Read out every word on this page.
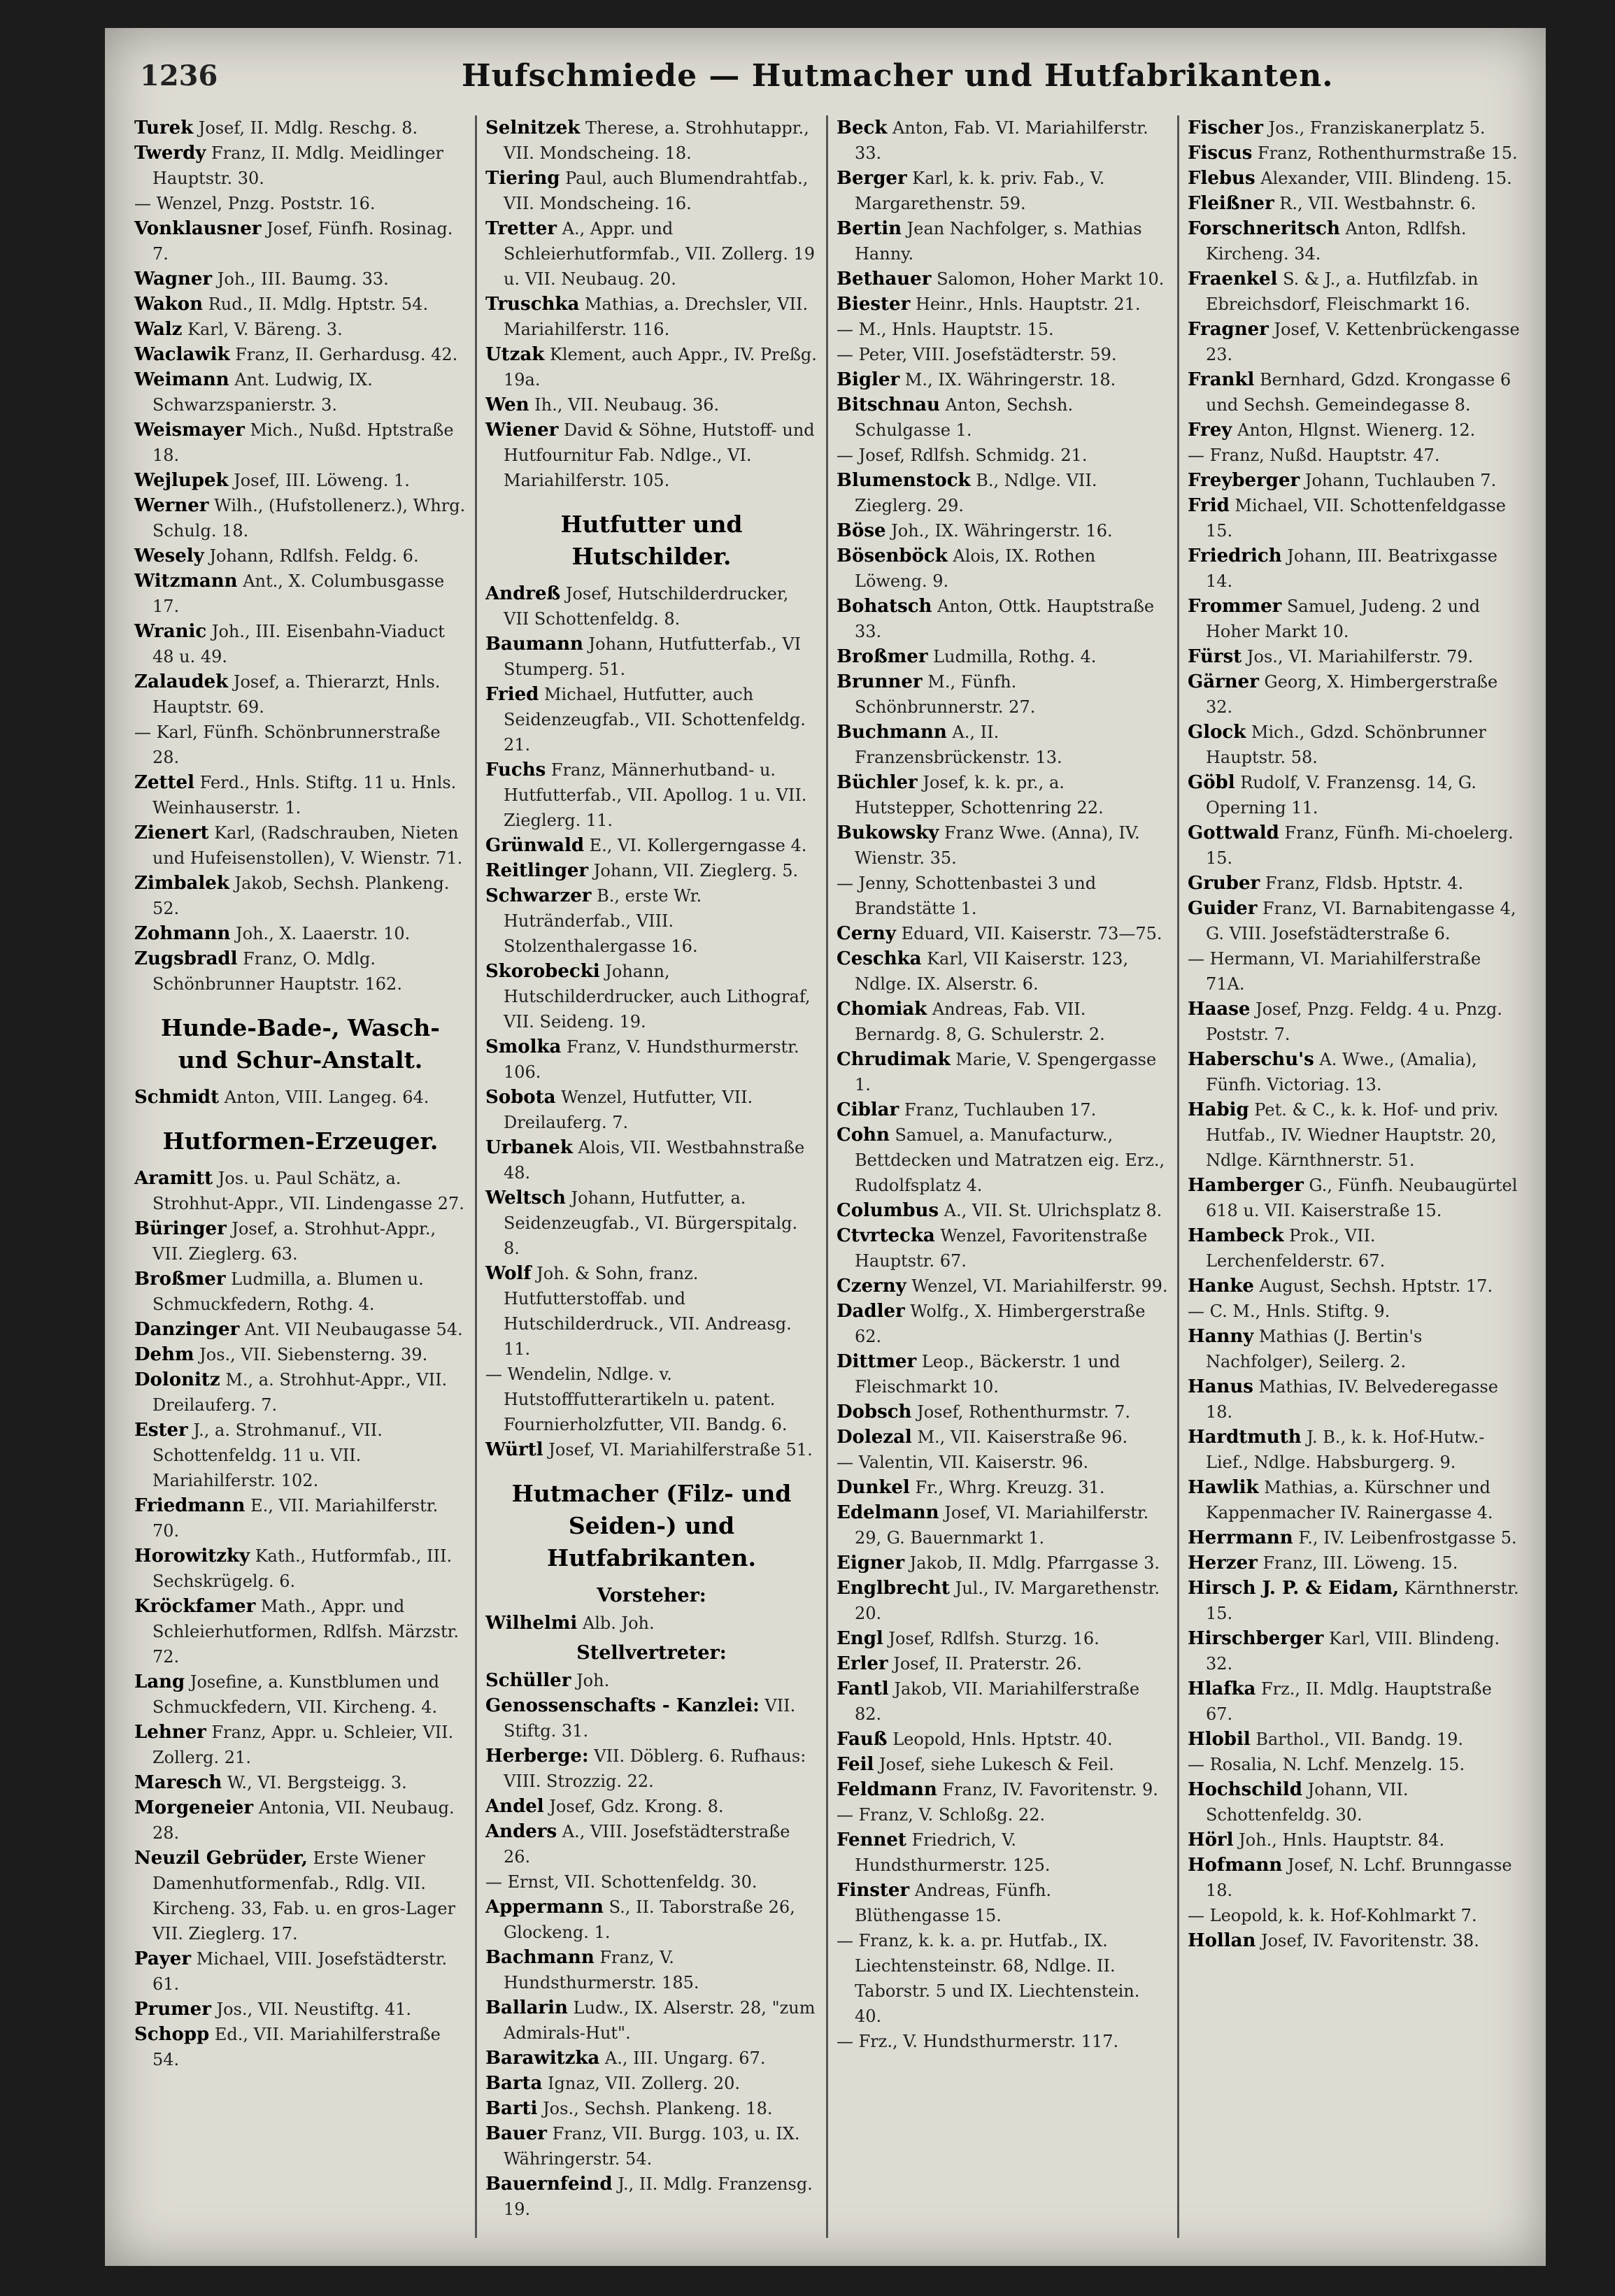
1236	Hufschmiede — Hutmacher und Hutfabrikanten.

Turek Josef, II. Mdlg. Reschg. 8.

Twerdy Franz, II. Mdlg. Meidlinger Hauptstr. 30.

— Wenzel, Pnzg. Poststr. 16.

Vonklausner Josef, Fünfh. Rosinag. 7.

Wagner Joh., III. Baumg. 33.

Wakon Rud., II. Mdlg. Hptstr. 54.

Walz Karl, V. Bäreng. 3.

Waclawik Franz, II. Gerhardusg. 42.

Weimann Ant. Ludwig, IX. Schwarzspanierstr. 3.

Weismayer Mich., Nußd. Hptstraße 18.

Wejlupek Josef, III. Löweng. 1.

Werner Wilh., (Hufstollenerz.), Whrg. Schulg. 18.

Wesely Johann, Rdlfsh. Feldg. 6.

Witzmann Ant., X. Columbusgasse 17.

Wranic Joh., III. Eisenbahn-Viaduct 48 u. 49.

Zalaudek Josef, a. Thierarzt, Hnls. Hauptstr. 69.

— Karl, Fünfh. Schönbrunnerstraße 28.

Zettel Ferd., Hnls. Stiftg. 11 u. Hnls. Weinhauserstr. 1.

Zienert Karl, (Radschrauben, Nieten und Hufeisenstollen), V. Wienstr. 71.

Zimbalek Jakob, Sechsh. Plankeng. 52.

Zohmann Joh., X. Laaerstr. 10.

Zugsbradl Franz, O. Mdlg. Schönbrunner Hauptstr. 162.

Hunde-Bade-, Wasch- und Schur-Anstalt.

Schmidt Anton, VIII. Langeg. 64.

Hutformen-Erzeuger.

Aramitt Jos. u. Paul Schätz, a. Strohhut-Appr., VII. Lindengasse 27.

Büringer Josef, a. Strohhut-Appr., VII. Zieglerg. 63.

Broßmer Ludmilla, a. Blumen u. Schmuckfedern, Rothg. 4.

Danzinger Ant. VII Neubaugasse 54.

Dehm Jos., VII. Siebensterng. 39.

Dolonitz M., a. Strohhut-Appr., VII. Dreilauferg. 7.

Ester J., a. Strohmanuf., VII. Schottenfeldg. 11 u. VII. Mariahilferstr. 102.

Friedmann E., VII. Mariahilferstr. 70.

Horowitzky Kath., Hutformfab., III. Sechskrügelg. 6.

Kröckfamer Math., Appr. und Schleierhutformen, Rdlfsh. Märzstr. 72.

Lang Josefine, a. Kunstblumen und Schmuckfedern, VII. Kircheng. 4.

Lehner Franz, Appr. u. Schleier, VII. Zollerg. 21.

Maresch W., VI. Bergsteigg. 3.

Morgeneier Antonia, VII. Neubaug. 28.

Neuzil Gebrüder, Erste Wiener Damenhutformenfab., Rdlg. VII. Kircheng. 33, Fab. u. en gros-Lager VII. Zieglerg. 17.

Payer Michael, VIII. Josefstädterstr. 61.

Prumer Jos., VII. Neustiftg. 41.

Schopp Ed., VII. Mariahilferstraße 54.

Selnitzek Therese, a. Strohhutappr., VII. Mondscheing. 18.

Tiering Paul, auch Blumendrahtfab., VII. Mondscheing. 16.

Tretter A., Appr. und Schleierhutformfab., VII. Zollerg. 19 u. VII. Neubaug. 20.

Truschka Mathias, a. Drechsler, VII. Mariahilferstr. 116.

Utzak Klement, auch Appr., IV. Preßg. 19a.

Wen Ih., VII. Neubaug. 36.

Wiener David & Söhne, Hutstoff- und Hutfournitur Fab. Ndlge., VI. Mariahilferstr. 105.

Hutfutter und Hutschilder.

Andreß Josef, Hutschilderdrucker, VII Schottenfeldg. 8.

Baumann Johann, Hutfutterfab., VI Stumperg. 51.

Fried Michael, Hutfutter, auch Seidenzeugfab., VII. Schottenfeldg. 21.

Fuchs Franz, Männerhutband- u. Hutfutterfab., VII. Apollog. 1 u. VII. Zieglerg. 11.

Grünwald E., VI. Kollergerngasse 4.

Reitlinger Johann, VII. Zieglerg. 5.

Schwarzer B., erste Wr. Hutränderfab., VIII. Stolzenthalergasse 16.

Skorobecki Johann, Hutschilderdrucker, auch Lithograf, VII. Seideng. 19.

Smolka Franz, V. Hundsthurmerstr. 106.

Sobota Wenzel, Hutfutter, VII. Dreilauferg. 7.

Urbanek Alois, VII. Westbahnstraße 48.

Weltsch Johann, Hutfutter, a. Seidenzeugfab., VI. Bürgerspitalg. 8.

Wolf Joh. & Sohn, franz. Hutfutterstoffab. und Hutschilderdruck., VII. Andreasg. 11.

— Wendelin, Ndlge. v. Hutstofffutterartikeln u. patent. Fournierholzfutter, VII. Bandg. 6.

Würtl Josef, VI. Mariahilferstraße 51.

Hutmacher (Filz- und Seiden-) und Hutfabrikanten.
Vorsteher:

Wilhelmi Alb. Joh.

Stellvertreter:

Schüller Joh.

Genossenschafts - Kanzlei: VII. Stiftg. 31.

Herberge: VII. Döblerg. 6. Rufhaus: VIII. Strozzig. 22.

Andel Josef, Gdz. Krong. 8.

Anders A., VIII. Josefstädterstraße 26.

— Ernst, VII. Schottenfeldg. 30.

Appermann S., II. Taborstraße 26, Glockeng. 1.

Bachmann Franz, V. Hundsthurmerstr. 185.

Ballarin Ludw., IX. Alserstr. 28, "zum Admirals-Hut".

Barawitzka A., III. Ungarg. 67.

Barta Ignaz, VII. Zollerg. 20.

Barti Jos., Sechsh. Plankeng. 18.

Bauer Franz, VII. Burgg. 103, u. IX. Währingerstr. 54.

Bauernfeind J., II. Mdlg. Franzensg. 19.

Beck Anton, Fab. VI. Mariahilferstr. 33.

Berger Karl, k. k. priv. Fab., V. Margarethenstr. 59.

Bertin Jean Nachfolger, s. Mathias Hanny.

Bethauer Salomon, Hoher Markt 10.

Biester Heinr., Hnls. Hauptstr. 21.

— M., Hnls. Hauptstr. 15.

— Peter, VIII. Josefstädterstr. 59.

Bigler M., IX. Währingerstr. 18.

Bitschnau Anton, Sechsh. Schulgasse 1.

— Josef, Rdlfsh. Schmidg. 21.

Blumenstock B., Ndlge. VII. Zieglerg. 29.

Böse Joh., IX. Währingerstr. 16.

Bösenböck Alois, IX. Rothen Löweng. 9.

Bohatsch Anton, Ottk. Hauptstraße 33.

Broßmer Ludmilla, Rothg. 4.

Brunner M., Fünfh. Schönbrunnerstr. 27.

Buchmann A., II. Franzensbrückenstr. 13.

Büchler Josef, k. k. pr., a. Hutstepper, Schottenring 22.

Bukowsky Franz Wwe. (Anna), IV. Wienstr. 35.

— Jenny, Schottenbastei 3 und Brandstätte 1.

Cerny Eduard, VII. Kaiserstr. 73—75.

Ceschka Karl, VII Kaiserstr. 123, Ndlge. IX. Alserstr. 6.

Chomiak Andreas, Fab. VII. Bernardg. 8, G. Schulerstr. 2.

Chrudimak Marie, V. Spengergasse 1.

Ciblar Franz, Tuchlauben 17.

Cohn Samuel, a. Manufacturw., Bettdecken und Matratzen eig. Erz., Rudolfsplatz 4.

Columbus A., VII. St. Ulrichsplatz 8.

Ctvrtecka Wenzel, Favoritenstraße Hauptstr. 67.

Czerny Wenzel, VI. Mariahilferstr. 99.

Dadler Wolfg., X. Himbergerstraße 62.

Dittmer Leop., Bäckerstr. 1 und Fleischmarkt 10.

Dobsch Josef, Rothenthurmstr. 7.

Dolezal M., VII. Kaiserstraße 96.

— Valentin, VII. Kaiserstr. 96.

Dunkel Fr., Whrg. Kreuzg. 31.

Edelmann Josef, VI. Mariahilferstr. 29, G. Bauernmarkt 1.

Eigner Jakob, II. Mdlg. Pfarrgasse 3.

Englbrecht Jul., IV. Margarethenstr. 20.

Engl Josef, Rdlfsh. Sturzg. 16.

Erler Josef, II. Praterstr. 26.

Fantl Jakob, VII. Mariahilferstraße 82.

Fauß Leopold, Hnls. Hptstr. 40.

Feil Josef, siehe Lukesch & Feil.

Feldmann Franz, IV. Favoritenstr. 9.

— Franz, V. Schloßg. 22.

Fennet Friedrich, V. Hundsthurmerstr. 125.

Finster Andreas, Fünfh. Blüthengasse 15.

— Franz, k. k. a. pr. Hutfab., IX. Liechtensteinstr. 68, Ndlge. II. Taborstr. 5 und IX. Liechtenstein. 40.

— Frz., V. Hundsthurmerstr. 117.

Fischer Jos., Franziskanerplatz 5.

Fiscus Franz, Rothenthurmstraße 15.

Flebus Alexander, VIII. Blindeng. 15.

Fleißner R., VII. Westbahnstr. 6.

Forschneritsch Anton, Rdlfsh. Kircheng. 34.

Fraenkel S. & J., a. Hutfilzfab. in Ebreichsdorf, Fleischmarkt 16.

Fragner Josef, V. Kettenbrückengasse 23.

Frankl Bernhard, Gdzd. Krongasse 6 und Sechsh. Gemeindegasse 8.

Frey Anton, Hlgnst. Wienerg. 12.

— Franz, Nußd. Hauptstr. 47.

Freyberger Johann, Tuchlauben 7.

Frid Michael, VII. Schottenfeldgasse 15.

Friedrich Johann, III. Beatrixgasse 14.

Frommer Samuel, Judeng. 2 und Hoher Markt 10.

Fürst Jos., VI. Mariahilferstr. 79.

Gärner Georg, X. Himbergerstraße 32.

Glock Mich., Gdzd. Schönbrunner Hauptstr. 58.

Göbl Rudolf, V. Franzensg. 14, G. Operning 11.

Gottwald Franz, Fünfh. Mi-choelerg. 15.

Gruber Franz, Fldsb. Hptstr. 4.

Guider Franz, VI. Barnabitengasse 4, G. VIII. Josefstädterstraße 6.

— Hermann, VI. Mariahilferstraße 71A.

Haase Josef, Pnzg. Feldg. 4 u. Pnzg. Poststr. 7.

Haberschu's A. Wwe., (Amalia), Fünfh. Victoriag. 13.

Habig Pet. & C., k. k. Hof- und priv. Hutfab., IV. Wiedner Hauptstr. 20, Ndlge. Kärnthnerstr. 51.

Hamberger G., Fünfh. Neubaugürtel 618 u. VII. Kaiserstraße 15.

Hambeck Prok., VII. Lerchenfelderstr. 67.

Hanke August, Sechsh. Hptstr. 17.

— C. M., Hnls. Stiftg. 9.

Hanny Mathias (J. Bertin's Nachfolger), Seilerg. 2.

Hanus Mathias, IV. Belvederegasse 18.

Hardtmuth J. B., k. k. Hof-Hutw.-Lief., Ndlge. Habsburgerg. 9.

Hawlik Mathias, a. Kürschner und Kappenmacher IV. Rainergasse 4.

Herrmann F., IV. Leibenfrostgasse 5.

Herzer Franz, III. Löweng. 15.

Hirsch J. P. & Eidam, Kärnthnerstr. 15.

Hirschberger Karl, VIII. Blindeng. 32.

Hlafka Frz., II. Mdlg. Hauptstraße 67.

Hlobil Barthol., VII. Bandg. 19.

— Rosalia, N. Lchf. Menzelg. 15.

Hochschild Johann, VII. Schottenfeldg. 30.

Hörl Joh., Hnls. Hauptstr. 84.

Hofmann Josef, N. Lchf. Brunngasse 18.

— Leopold, k. k. Hof-Kohlmarkt 7.

Hollan Josef, IV. Favoritenstr. 38.
